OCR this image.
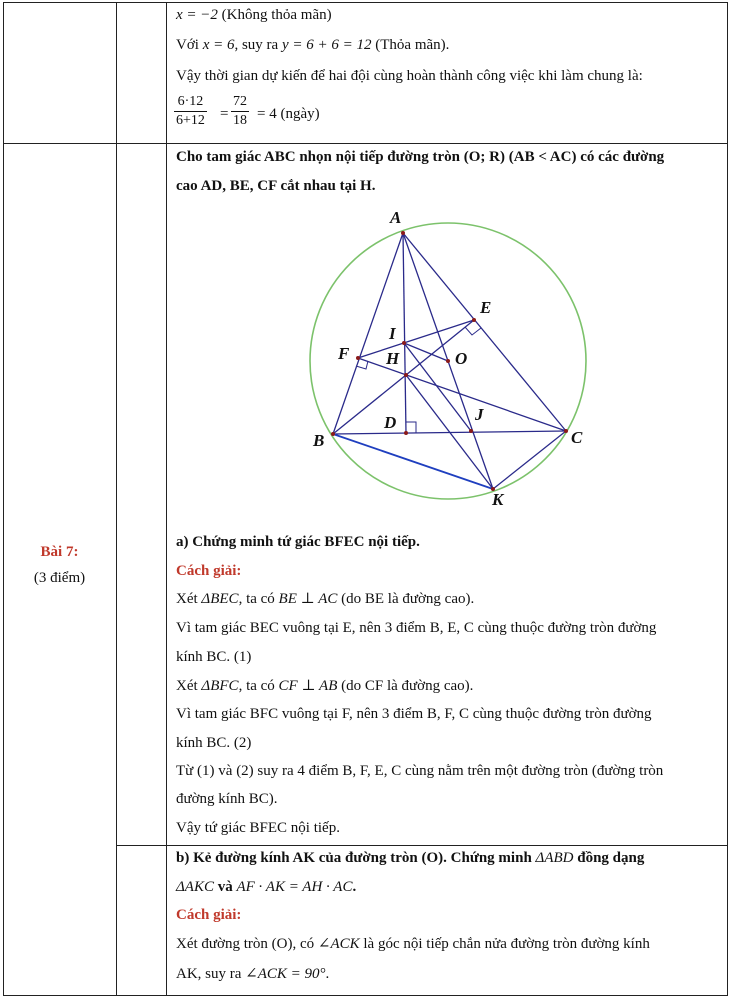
x = −2 (Không thỏa mãn)
Với x = 6, suy ra y = 6 + 6 = 12 (Thỏa mãn).
Vậy thời gian dự kiến để hai đội cùng hoàn thành công việc khi làm chung là:
$\frac{6\cdot 12}{6+12} = \frac{72}{18} = 4$ (ngày)
Bài 7:
(3 điểm)
Cho tam giác ABC nhọn nội tiếp đường tròn (O; R) (AB < AC) có các đường
cao AD, BE, CF cắt nhau tại H.
A
B	C
D
E
F H
I
J
K
O
a) Chứng minh tứ giác BFEC nội tiếp.
Cách giải:
Xét ΔBEC, ta có BE ⊥ AC (do BE là đường cao).
Vì tam giác BEC vuông tại E, nên 3 điểm B, E, C cùng thuộc đường tròn đường
kính BC. (1)
Xét ΔBFC, ta có CF ⊥ AB (do CF là đường cao).
Vì tam giác BFC vuông tại F, nên 3 điểm B, F, C cùng thuộc đường tròn đường
kính BC. (2)
Từ (1) và (2) suy ra 4 điểm B, F, E, C cùng nằm trên một đường tròn (đường tròn
đường kính BC).
Vậy tứ giác BFEC nội tiếp.
b) Kẻ đường kính AK của đường tròn (O). Chứng minh ΔABD đồng dạng
ΔAKC và AF · AK = AH · AC.
Cách giải:
Xét đường tròn (O), có ∠ACK là góc nội tiếp chắn nửa đường tròn đường kính
AK, suy ra ∠ACK = 90°.
